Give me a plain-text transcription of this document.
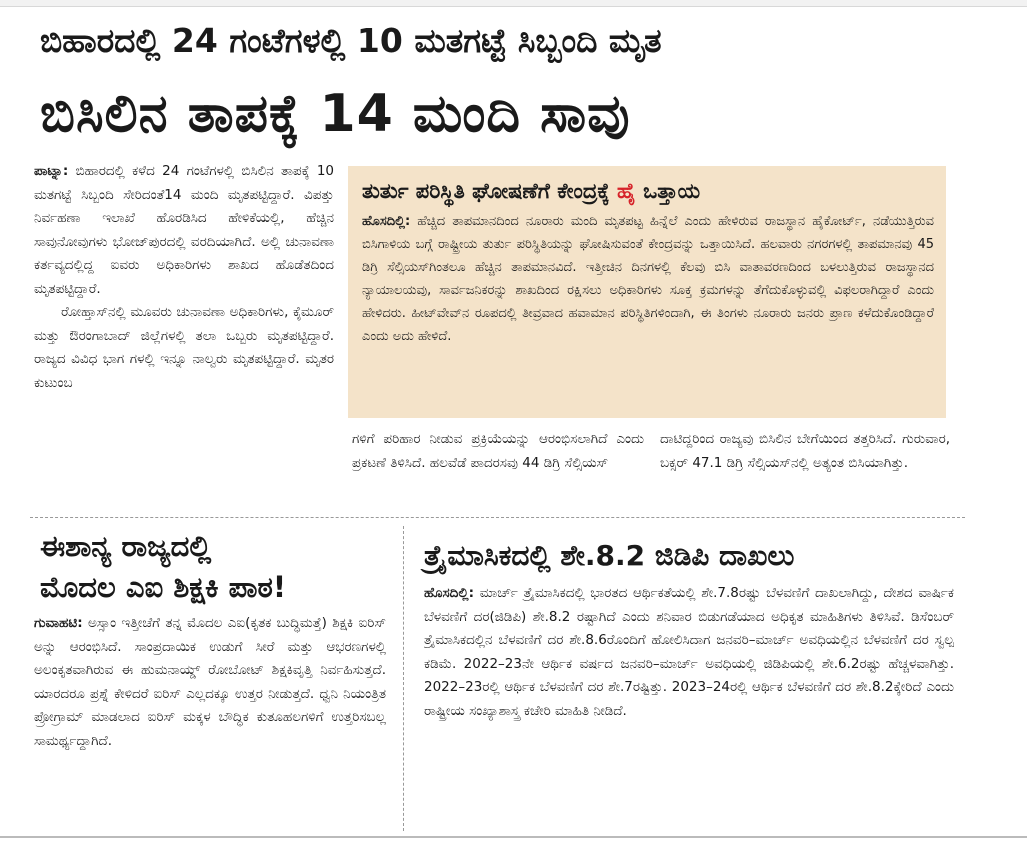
ಬಿಹಾರದಲ್ಲಿ 24 ಗಂಟೆಗಳಲ್ಲಿ 10 ಮತಗಟ್ಟೆ ಸಿಬ್ಬಂದಿ ಮೃತ
ಬಿಸಿಲಿನ ತಾಪಕ್ಕೆ 14 ಮಂದಿ ಸಾವು

ಪಾಟ್ನಾ: ಬಿಹಾರದಲ್ಲಿ ಕಳೆದ 24 ಗಂಟೆಗಳಲ್ಲಿ ಬಿಸಿಲಿನ ತಾಪಕ್ಕೆ 10 ಮತಗಟ್ಟೆ ಸಿಬ್ಬಂದಿ ಸೇರಿದಂತೆ14 ಮಂದಿ ಮೃತಪಟ್ಟಿದ್ದಾರೆ. ವಿಪತ್ತು ನಿರ್ವಹಣಾ ಇಲಾಖೆ ಹೊರಡಿಸಿದ ಹೇಳಿಕೆಯಲ್ಲಿ, ಹೆಚ್ಚಿನ ಸಾವುನೋವುಗಳು ಭೋಜ್‌ಪುರದಲ್ಲಿ ವರದಿಯಾಗಿದೆ. ಅಲ್ಲಿ ಚುನಾವಣಾ ಕರ್ತವ್ಯದಲ್ಲಿದ್ದ ಐವರು ಅಧಿಕಾರಿಗಳು ಶಾಖದ ಹೊಡೆತದಿಂದ ಮೃತಪಟ್ಟಿದ್ದಾರೆ.

ರೋಹ್ತಾಸ್‌ನಲ್ಲಿ ಮೂವರು ಚುನಾವಣಾ ಅಧಿಕಾರಿಗಳು, ಕೈಮೂರ್ ಮತ್ತು ಔರಂಗಾಬಾದ್ ಜಿಲ್ಲೆಗಳಲ್ಲಿ ತಲಾ ಒಬ್ಬರು ಮೃತಪಟ್ಟಿದ್ದಾರೆ. ರಾಜ್ಯದ ವಿವಿಧ ಭಾಗ ಗಳಲ್ಲಿ ಇನ್ನೂ ನಾಲ್ವರು ಮೃತಪಟ್ಟಿದ್ದಾರೆ. ಮೃತರ ಕುಟುಂಬ

ತುರ್ತು ಪರಿಸ್ಥಿತಿ ಘೋಷಣೆಗೆ ಕೇಂದ್ರಕ್ಕೆ ಹೈ ಒತ್ತಾಯ
ಹೊಸದಿಲ್ಲಿ: ಹೆಚ್ಚಿದ ತಾಪಮಾನದಿಂದ ನೂರಾರು ಮಂದಿ ಮೃತಪಟ್ಟ ಹಿನ್ನೆಲೆ ಎಂದು ಹೇಳಿರುವ ರಾಜಸ್ಥಾನ ಹೈಕೋರ್ಟ್, ನಡೆಯುತ್ತಿರುವ ಬಿಸಿಗಾಳಿಯ ಬಗ್ಗೆ ರಾಷ್ಟ್ರೀಯ ತುರ್ತು ಪರಿಸ್ಥಿತಿಯನ್ನು ಘೋಷಿಸುವಂತೆ ಕೇಂದ್ರವನ್ನು ಒತ್ತಾಯಿಸಿದೆ. ಹಲವಾರು ನಗರಗಳಲ್ಲಿ ತಾಪಮಾನವು 45 ಡಿಗ್ರಿ ಸೆಲ್ಸಿಯಸ್‌ಗಿಂತಲೂ ಹೆಚ್ಚಿನ ತಾಪಮಾನವಿದೆ. ಇತ್ತೀಚಿನ ದಿನಗಳಲ್ಲಿ ಕೆಲವು ಬಿಸಿ ವಾತಾವರಣದಿಂದ ಬಳಲುತ್ತಿರುವ ರಾಜಸ್ಥಾನದ ನ್ಯಾಯಾಲಯವು, ಸಾರ್ವಜನಿಕರನ್ನು ಶಾಖದಿಂದ ರಕ್ಷಿಸಲು ಅಧಿಕಾರಿಗಳು ಸೂಕ್ತ ಕ್ರಮಗಳನ್ನು ತೆಗೆದುಕೊಳ್ಳುವಲ್ಲಿ ವಿಫಲರಾಗಿದ್ದಾರೆ ಎಂದು ಹೇಳಿದರು. ಹೀಟ್‌ವೇವ್‌ನ ರೂಪದಲ್ಲಿ ತೀವ್ರವಾದ ಹವಾಮಾನ ಪರಿಸ್ಥಿತಿಗಳಿಂದಾಗಿ, ಈ ತಿಂಗಳು ನೂರಾರು ಜನರು ಪ್ರಾಣ ಕಳೆದುಕೊಂಡಿದ್ದಾರೆ ಎಂದು ಅದು ಹೇಳಿದೆ.
ಗಳಿಗೆ ಪರಿಹಾರ ನೀಡುವ ಪ್ರಕ್ರಿಯೆಯನ್ನು ಆರಂಭಿಸಲಾಗಿದೆ ಎಂದು ಪ್ರಕಟಣೆ ತಿಳಿಸಿದೆ. ಹಲವೆಡೆ ಪಾದರಸವು 44 ಡಿಗ್ರಿ ಸೆಲ್ಸಿಯಸ್
ದಾಟಿದ್ದರಿಂದ ರಾಜ್ಯವು ಬಿಸಿಲಿನ ಬೇಗೆಯಿಂದ ತತ್ತರಿಸಿದೆ. ಗುರುವಾರ, ಬಕ್ಸರ್ 47.1 ಡಿಗ್ರಿ ಸೆಲ್ಸಿಯಸ್‌ನಲ್ಲಿ ಅತ್ಯಂತ ಬಿಸಿಯಾಗಿತ್ತು.
ಈಶಾನ್ಯ ರಾಜ್ಯದಲ್ಲಿ
ಮೊದಲ ಎಐ ಶಿಕ್ಷಕಿ ಪಾಠ!

ಗುವಾಹಟಿ: ಅಸ್ಸಾಂ ಇತ್ತೀಚೆಗೆ ತನ್ನ ಮೊದಲ ಎಐ(ಕೃತಕ ಬುದ್ಧಿಮತ್ತೆ) ಶಿಕ್ಷಕಿ ಐರಿಸ್ ಅನ್ನು ಆರಂಭಿಸಿದೆ. ಸಾಂಪ್ರದಾಯಿಕ ಉಡುಗೆ ಸೀರೆ ಮತ್ತು ಆಭರಣಗಳಲ್ಲಿ ಅಲಂಕೃತವಾಗಿರುವ ಈ ಹುಮನಾಯ್ಡ್ ರೋಬೋಟ್ ಶಿಕ್ಷಕಿವೃತ್ತಿ ನಿರ್ವಹಿಸುತ್ತದೆ. ಯಾರದರೂ ಪ್ರಶ್ನೆ ಕೇಳಿದರೆ ಐರಿಸ್ ಎಲ್ಲದಕ್ಕೂ ಉತ್ತರ ನೀಡುತ್ತದೆ. ಧ್ವನಿ ನಿಯಂತ್ರಿತ ಪ್ರೋಗ್ರಾಮ್ ಮಾಡಲಾದ ಐರಿಸ್ ಮಕ್ಕಳ ಬೌದ್ಧಿಕ ಕುತೂಹಲಗಳಿಗೆ ಉತ್ತರಿಸಬಲ್ಲ ಸಾಮರ್ಥ್ಯದ್ದಾಗಿದೆ.

ತ್ರೈಮಾಸಿಕದಲ್ಲಿ ಶೇ.8.2 ಜಿಡಿಪಿ ದಾಖಲು

ಹೊಸದಿಲ್ಲಿ: ಮಾರ್ಚ್ ತ್ರೈಮಾಸಿಕದಲ್ಲಿ ಭಾರತದ ಆರ್ಥಿಕತೆಯಲ್ಲಿ ಶೇ.7.8ರಷ್ಟು ಬೆಳವಣಿಗೆ ದಾಖಲಾಗಿದ್ದು, ದೇಶದ ವಾರ್ಷಿಕ ಬೆಳವಣಿಗೆ ದರ(ಜಿಡಿಪಿ) ಶೇ.8.2 ರಷ್ಟಾಗಿದೆ ಎಂದು ಶನಿವಾರ ಬಿಡುಗಡೆಯಾದ ಅಧಿಕೃತ ಮಾಹಿತಿಗಳು ತಿಳಿಸಿವೆ. ಡಿಸೆಂಬರ್ ತ್ರೈಮಾಸಿಕದಲ್ಲಿನ ಬೆಳವಣಿಗೆ ದರ ಶೇ.8.6ರೊಂದಿಗೆ ಹೋಲಿಸಿದಾಗ ಜನವರಿ–ಮಾರ್ಚ್ ಅವಧಿಯಲ್ಲಿನ ಬೆಳವಣಿಗೆ ದರ ಸ್ವಲ್ಪ ಕಡಿಮೆ. 2022–23ನೇ ಆರ್ಥಿಕ ವರ್ಷದ ಜನವರಿ–ಮಾರ್ಚ್ ಅವಧಿಯಲ್ಲಿ ಜಿಡಿಪಿಯಲ್ಲಿ ಶೇ.6.2ರಷ್ಟು ಹೆಚ್ಚಳವಾಗಿತ್ತು. 2022–23ರಲ್ಲಿ ಆರ್ಥಿಕ ಬೆಳವಣಿಗೆ ದರ ಶೇ.7ರಷ್ಟಿತ್ತು. 2023–24ರಲ್ಲಿ ಆರ್ಥಿಕ ಬೆಳವಣಿಗೆ ದರ ಶೇ.8.2ಕ್ಕೇರಿದೆ ಎಂದು ರಾಷ್ಟ್ರೀಯ ಸಂಖ್ಯಾಶಾಸ್ತ್ರ ಕಚೇರಿ ಮಾಹಿತಿ ನೀಡಿದೆ.
